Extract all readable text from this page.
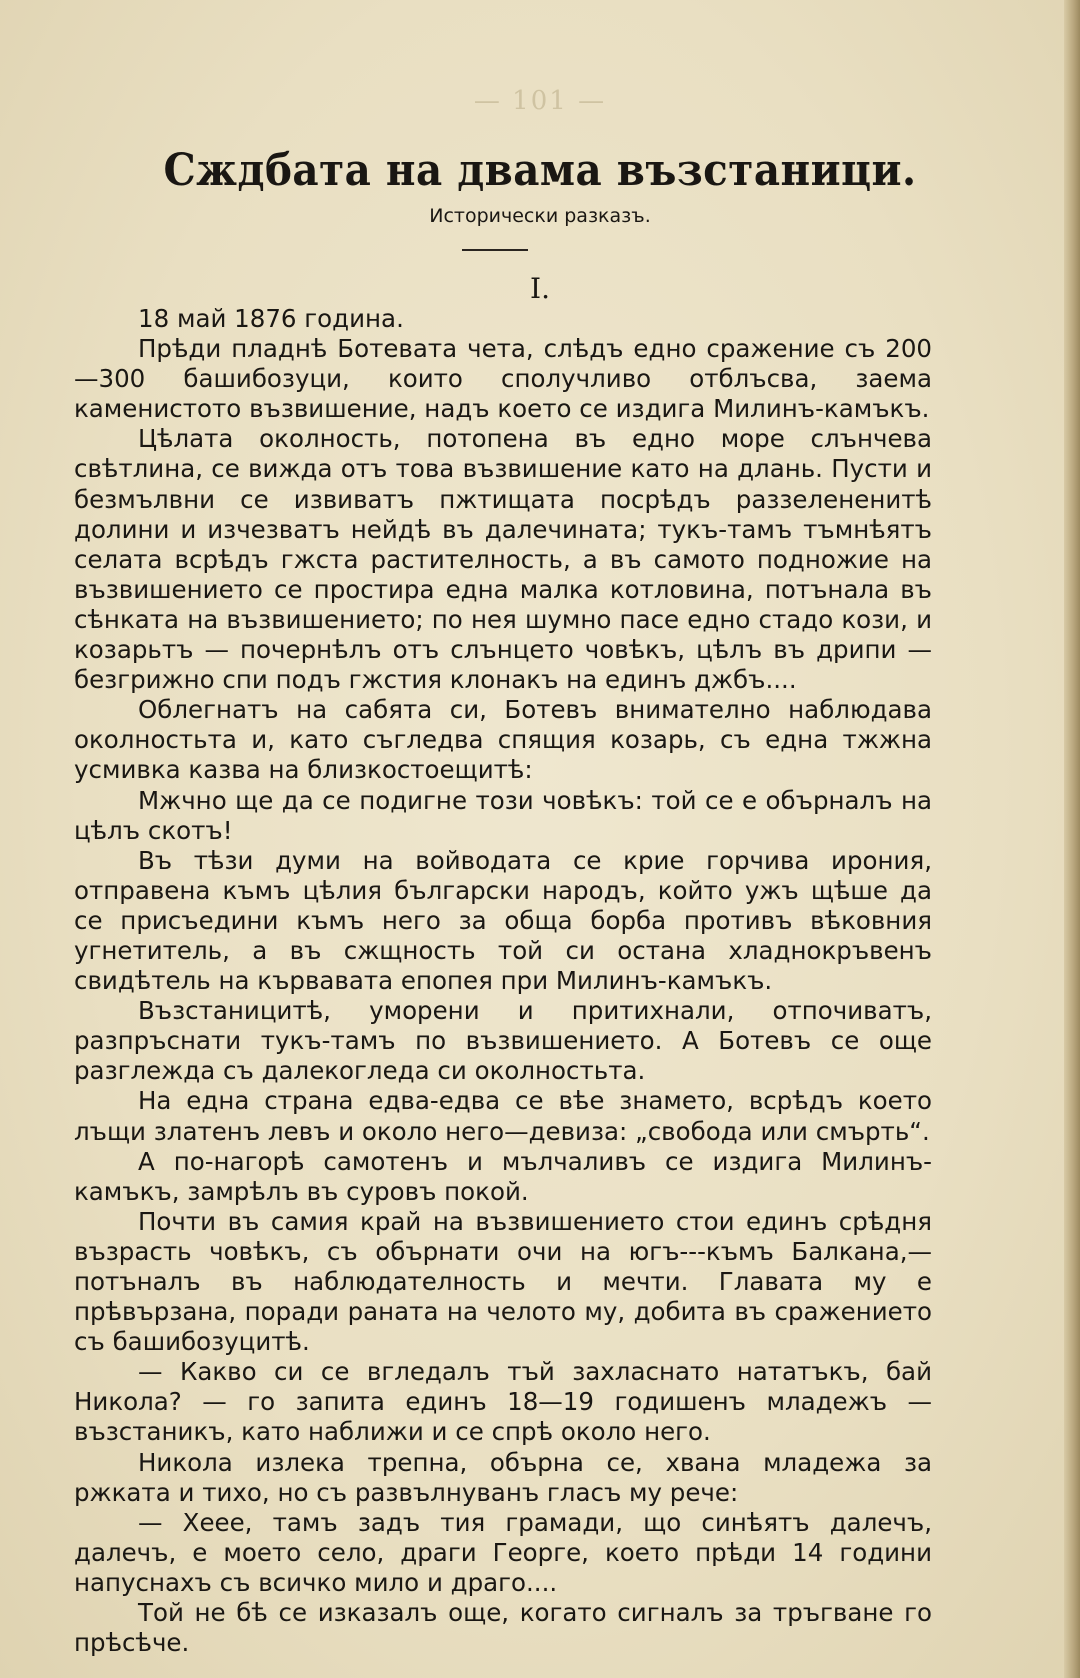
— 101 —
Сждбата на двама възстаници.
Исторически разказъ.
I.

18 май 1876 година.

Прѣди пладнѣ Ботевата чета, слѣдъ едно сражение съ 200—300 башибозуци, които сполучливо отблъсва, заема каменистото възвишение, надъ което се издига Милинъ-камъкъ.

Цѣлата околность, потопена въ едно море слънчева свѣтлина, се вижда отъ това възвишение като на длань. Пусти и безмълвни се извиватъ пжтищата посрѣдъ раззелененитѣ долини и изчезватъ нейдѣ въ далечината; тукъ-тамъ тъмнѣятъ селата всрѣдъ гжста растителность, а въ самото подножие на възвишението се простира една малка котловина, потънала въ сѣнката на възвишението; по нея шумно пасе едно стадо кози, и козарьтъ — почернѣлъ отъ слънцето човѣкъ, цѣлъ въ дрипи — безгрижно спи подъ гжстия клонакъ на единъ джбъ....

Облегнатъ на сабята си, Ботевъ внимателно наблюдава околностьта и, като съгледва спящия козарь, съ една тжжна усмивка казва на близкостоещитѣ:

Мжчно ще да се подигне този човѣкъ: той се е обърналъ на цѣлъ скотъ!

Въ тѣзи думи на войводата се крие горчива ирония, отправена къмъ цѣлия български народъ, който ужъ щѣше да се присъедини къмъ него за обща борба противъ вѣковния угнетитель, а въ сжщность той си остана хладнокръвенъ свидѣтель на кървавата епопея при Милинъ-камъкъ.

Възстаницитѣ, уморени и притихнали, отпочиватъ, разпръснати тукъ-тамъ по възвишението. А Ботевъ се още разглежда съ далекогледа си околностьта.

На една страна едва-едва се вѣе знамето, всрѣдъ което лъщи златенъ левъ и около него—девиза: „свобода или смърть“.

А по-нагорѣ самотенъ и мълчаливъ се издига Милинъ-камъкъ, замрѣлъ въ суровъ покой.

Почти въ самия край на възвишението стои единъ срѣдня възрасть човѣкъ, съ обърнати очи на югъ---къмъ Балкана,—потъналъ въ наблюдателность и мечти. Главата му е прѣвързана, поради раната на челото му, добита въ сражението съ башибозуцитѣ.

— Какво си се вгледалъ тъй захласнато нататъкъ, бай Никола? — го запита единъ 18—19 годишенъ младежъ — възстаникъ, като наближи и се спрѣ около него.

Никола излека трепна, обърна се, хвана младежа за ржката и тихо, но съ развълнуванъ гласъ му рече:

— Хеее, тамъ задъ тия грамади, що синѣятъ далечъ, далечъ, е моето село, драги Георге, което прѣди 14 години напуснахъ съ всичко мило и драго....

Той не бѣ се изказалъ още, когато сигналъ за тръгване го прѣсѣче.
